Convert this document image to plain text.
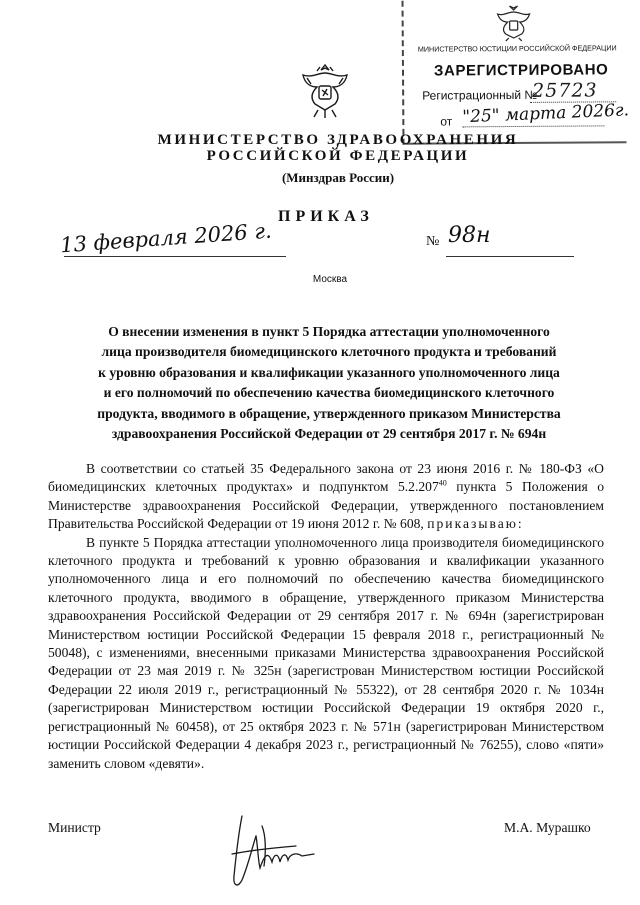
МИНИСТЕРСТВО ЮСТИЦИИ РОССИЙСКОЙ ФЕДЕРАЦИИ
ЗАРЕГИСТРИРОВАНО
Регистрационный №
25723
от "25" марта 2026г.
МИНИСТЕРСТВО ЗДРАВООХРАНЕНИЯ
РОССИЙСКОЙ ФЕДЕРАЦИИ
(Минздрав России)
ПРИКАЗ
13 февраля 2026 г.	№ 98н
Москва
О внесении изменения в пункт 5 Порядка аттестации уполномоченного
лица производителя биомедицинского клеточного продукта и требований
к уровню образования и квалификации указанного уполномоченного лица
и его полномочий по обеспечению качества биомедицинского клеточного
продукта, вводимого в обращение, утвержденного приказом Министерства
здравоохранения Российской Федерации от 29 сентября 2017 г. № 694н

В соответствии со статьей 35 Федерального закона от 23 июня 2016 г. № 180-ФЗ «О биомедицинских клеточных продуктах» и подпунктом 5.2.207$^{40}$ пункта 5 Положения о Министерстве здравоохранения Российской Федерации, утвержденного постановлением Правительства Российской Федерации от 19 июня 2012 г. № 608, приказываю:

В пункте 5 Порядка аттестации уполномоченного лица производителя биомедицинского клеточного продукта и требований к уровню образования и квалификации указанного уполномоченного лица и его полномочий по обеспечению качества биомедицинского клеточного продукта, вводимого в обращение, утвержденного приказом Министерства здравоохранения Российской Федерации от 29 сентября 2017 г. № 694н (зарегистрирован Министерством юстиции Российской Федерации 15 февраля 2018 г., регистрационный № 50048), с изменениями, внесенными приказами Министерства здравоохранения Российской Федерации от 23 мая 2019 г. № 325н (зарегистрован Министерством юстиции Российской Федерации 22 июля 2019 г., регистрационный № 55322), от 28 сентября 2020 г. № 1034н (зарегистрирован Министерством юстиции Российской Федерации 19 октября 2020 г., регистрационный № 60458), от 25 октября 2023 г. № 571н (зарегистрирован Министерством юстиции Российской Федерации 4 декабря 2023 г., регистрационный № 76255), слово «пяти» заменить словом «девяти».

Министр	М.А. Мурашко
